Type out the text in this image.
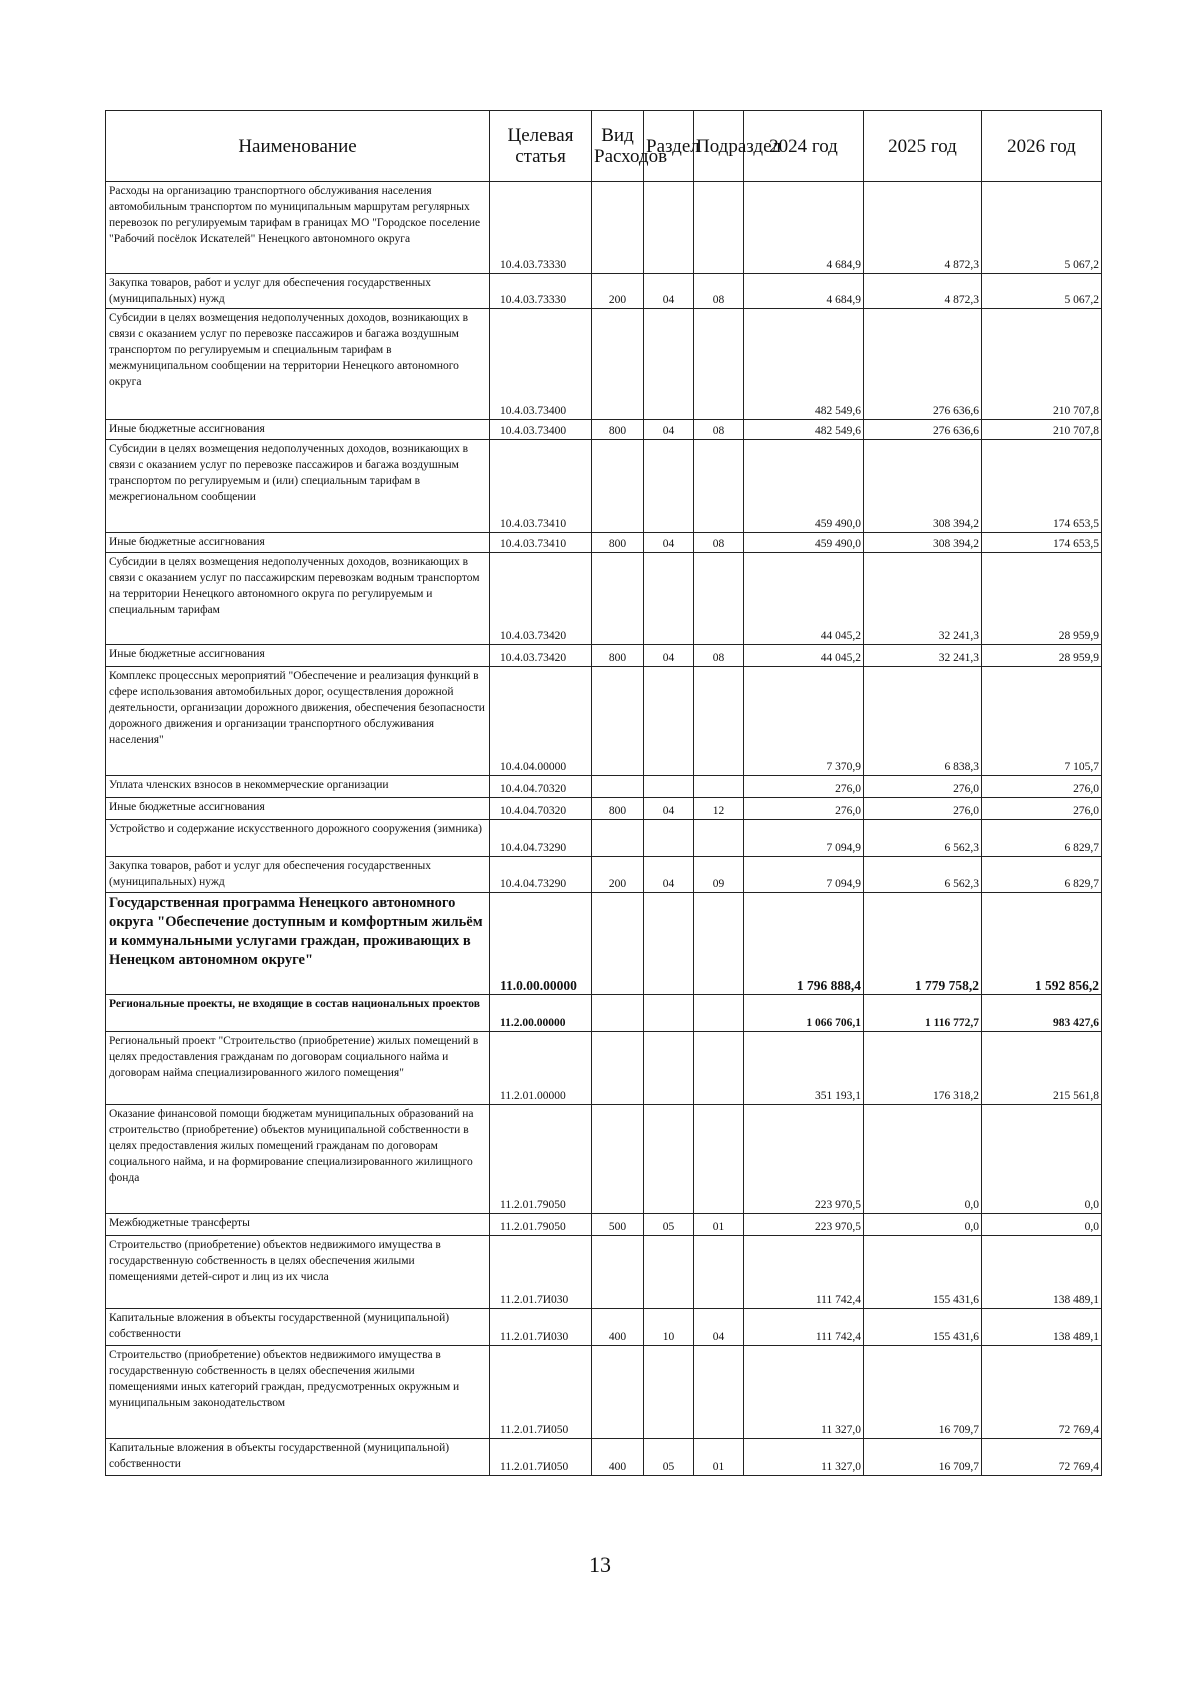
Наименование	Целевая статья	Вид Расходов	Раздел	Подраздел	2024 год	2025 год	2026 год
Расходы на организацию транспортного обслуживания населения автомобильным транспортом по муниципальным маршрутам регулярных перевозок по регулируемым тарифам в границах МО "Городское поселение "Рабочий посёлок Искателей" Ненецкого автономного округа	10.4.03.73330				4 684,9	4 872,3	5 067,2
Закупка товаров, работ и услуг для обеспечения государственных (муниципальных) нужд	10.4.03.73330	200	04	08	4 684,9	4 872,3	5 067,2
Субсидии в целях возмещения недополученных доходов, возникающих в связи с оказанием услуг по перевозке пассажиров и багажа воздушным транспортом по регулируемым и специальным тарифам в межмуниципальном сообщении на территории Ненецкого автономного округа	10.4.03.73400				482 549,6	276 636,6	210 707,8
Иные бюджетные ассигнования	10.4.03.73400	800	04	08	482 549,6	276 636,6	210 707,8
Субсидии в целях возмещения недополученных доходов, возникающих в связи с оказанием услуг по перевозке пассажиров и багажа воздушным транспортом по регулируемым и (или) специальным тарифам в межрегиональном сообщении	10.4.03.73410				459 490,0	308 394,2	174 653,5
Иные бюджетные ассигнования	10.4.03.73410	800	04	08	459 490,0	308 394,2	174 653,5
Субсидии в целях возмещения недополученных доходов, возникающих в связи с оказанием услуг по пассажирским перевозкам водным транспортом на территории Ненецкого автономного округа по регулируемым и специальным тарифам	10.4.03.73420				44 045,2	32 241,3	28 959,9
Иные бюджетные ассигнования	10.4.03.73420	800	04	08	44 045,2	32 241,3	28 959,9
Комплекс процессных мероприятий "Обеспечение и реализация функций в сфере использования автомобильных дорог, осуществления дорожной деятельности, организации дорожного движения, обеспечения безопасности дорожного движения и организации транспортного обслуживания населения"	10.4.04.00000				7 370,9	6 838,3	7 105,7
Уплата членских взносов в некоммерческие организации	10.4.04.70320				276,0	276,0	276,0
Иные бюджетные ассигнования	10.4.04.70320	800	04	12	276,0	276,0	276,0
Устройство и содержание искусственного дорожного сооружения (зимника)	10.4.04.73290				7 094,9	6 562,3	6 829,7
Закупка товаров, работ и услуг для обеспечения государственных (муниципальных) нужд	10.4.04.73290	200	04	09	7 094,9	6 562,3	6 829,7
Государственная программа Ненецкого автономного округа "Обеспечение доступным и комфортным жильём и коммунальными услугами граждан, проживающих в Ненецком автономном округе"	11.0.00.00000				1 796 888,4	1 779 758,2	1 592 856,2
Региональные проекты, не входящие в состав национальных проектов	11.2.00.00000				1 066 706,1	1 116 772,7	983 427,6
Региональный проект "Строительство (приобретение) жилых помещений в целях предоставления гражданам по договорам социального найма и договорам найма специализированного жилого помещения"	11.2.01.00000				351 193,1	176 318,2	215 561,8
Оказание финансовой помощи бюджетам муниципальных образований на строительство (приобретение) объектов муниципальной собственности в целях предоставления жилых помещений гражданам по договорам социального найма, и на формирование специализированного жилищного фонда	11.2.01.79050				223 970,5	0,0	0,0
Межбюджетные трансферты	11.2.01.79050	500	05	01	223 970,5	0,0	0,0
Строительство (приобретение) объектов недвижимого имущества в государственную собственность в целях обеспечения жилыми помещениями детей-сирот и лиц из их числа	11.2.01.7И030				111 742,4	155 431,6	138 489,1
Капитальные вложения в объекты государственной (муниципальной) собственности	11.2.01.7И030	400	10	04	111 742,4	155 431,6	138 489,1
Строительство (приобретение) объектов недвижимого имущества в государственную собственность в целях обеспечения жилыми помещениями иных категорий граждан, предусмотренных окружным и муниципальным законодательством	11.2.01.7И050				11 327,0	16 709,7	72 769,4
Капитальные вложения в объекты государственной (муниципальной) собственности	11.2.01.7И050	400	05	01	11 327,0	16 709,7	72 769,4
13
